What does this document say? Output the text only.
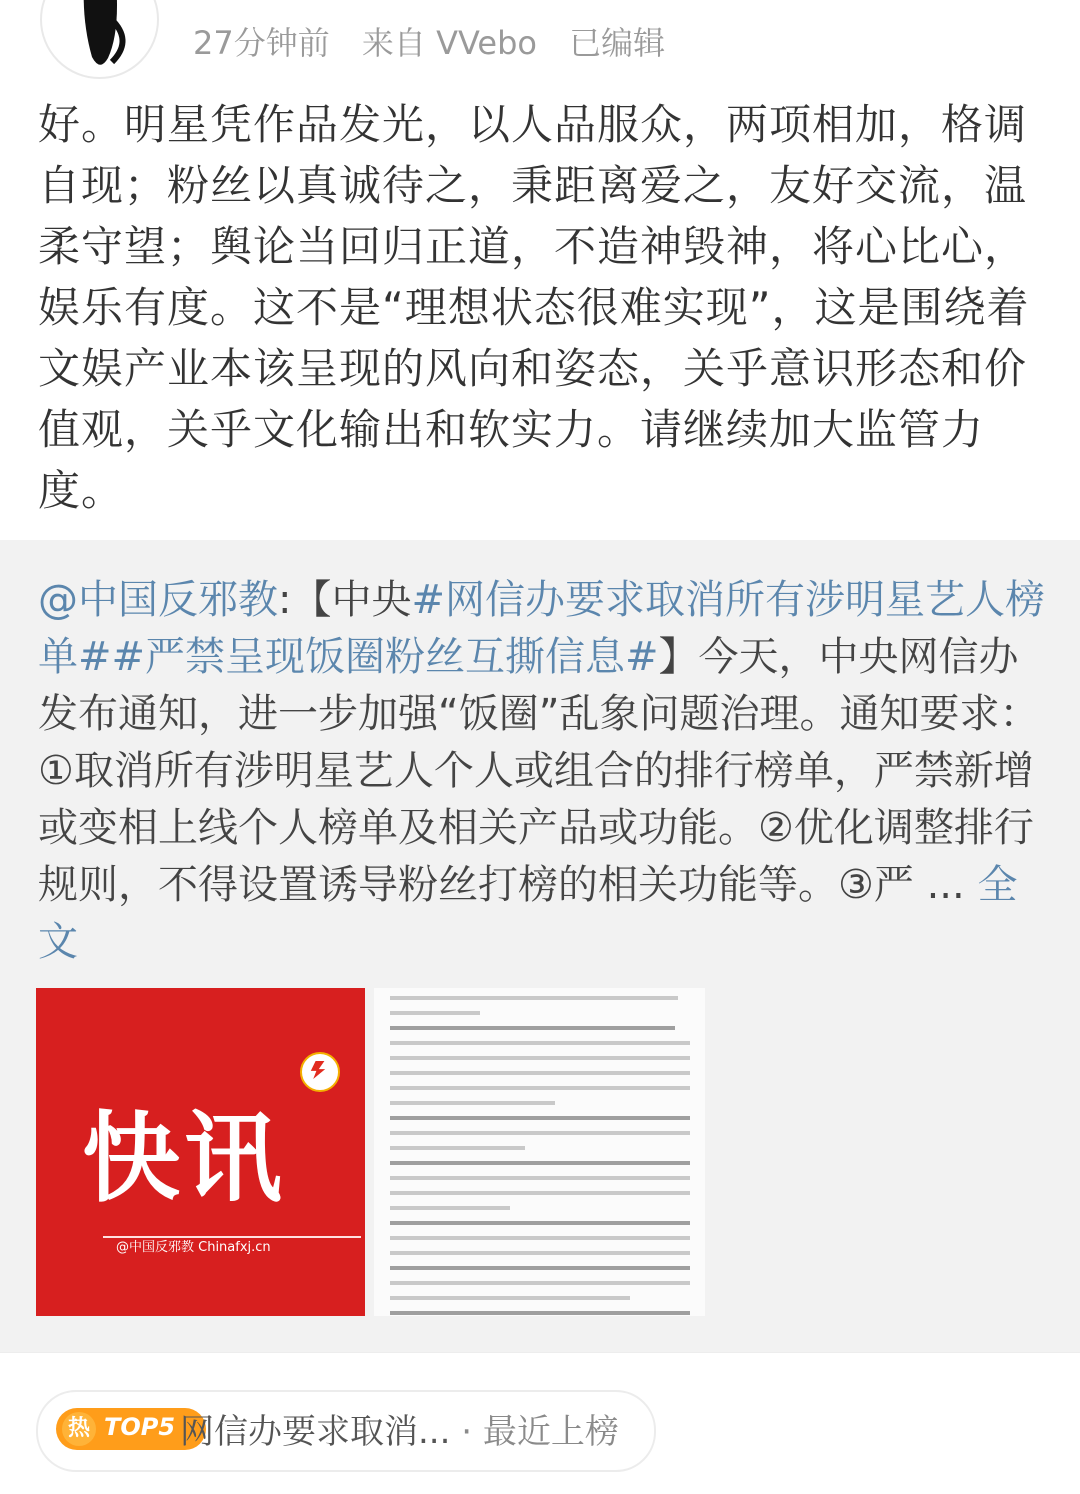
27分钟前 来自 VVebo 已编辑

好。明星凭作品发光，以人品服众，两项相加，格调自现；粉丝以真诚待之，秉距离爱之，友好交流，温柔守望；舆论当回归正道，不造神毁神，将心比心，娱乐有度。这不是“理想状态很难实现”，这是围绕着文娱产业本该呈现的风向和姿态，关乎意识形态和价值观，关乎文化输出和软实力。请继续加大监管力度。

@中国反邪教:【中央#网信办要求取消所有涉明星艺人榜单##严禁呈现饭圈粉丝互撕信息#】今天，中央网信办发布通知，进一步加强“饭圈”乱象问题治理。通知要求：①取消所有涉明星艺人个人或组合的排行榜单，严禁新增或变相上线个人榜单及相关产品或功能。②优化调整排行规则，不得设置诱导粉丝打榜的相关功能等。③严 ... 全文

快讯
@中国反邪教 Chinafxj.cn
热 TOP5 网信办要求取消... · 最近上榜
